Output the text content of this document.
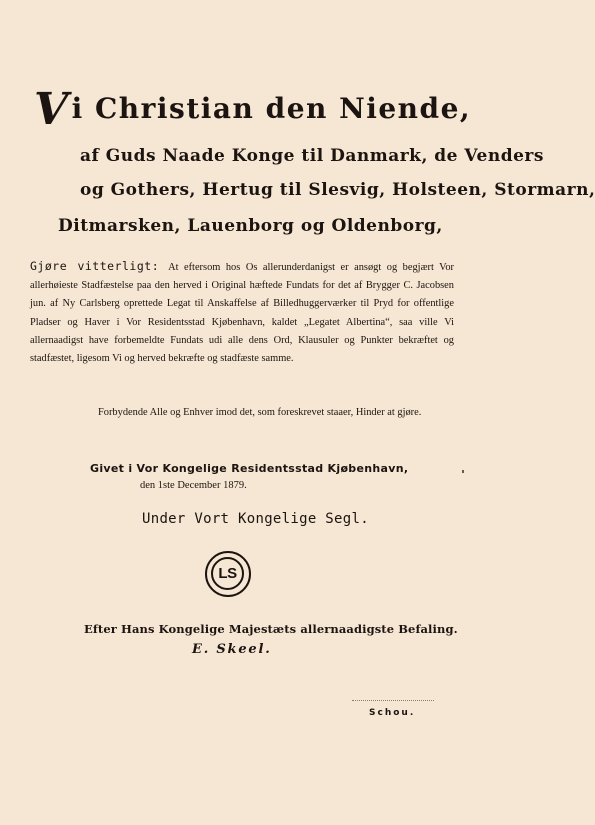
Vi Christian den Niende,
af Guds Naade Konge til Danmark, de Venders
og Gothers, Hertug til Slesvig, Holsteen, Stormarn,
Ditmarsken, Lauenborg og Oldenborg,
Gjøre vitterligt: At eftersom hos Os allerunderdanigst er ansøgt og begjært Vor allerhøieste Stadfæstelse paa den herved i Original hæftede Fundats for det af Brygger C. Jacobsen jun. af Ny Carlsberg oprettede Legat til Anskaffelse af Billedhuggerværker til Pryd for offentlige Pladser og Haver i Vor Residentsstad Kjøbenhavn, kaldet „Legatet Albertina“, saa ville Vi allernaadigst have forbemeldte Fundats udi alle dens Ord, Klausuler og Punkter bekræftet og stadfæstet, ligesom Vi og herved bekræfte og stadfæste samme.
Forbydende Alle og Enhver imod det, som foreskrevet staaer, Hinder at gjøre.
Givet i Vor Kongelige Residentsstad Kjøbenhavn,
den 1ste December 1879.
Under Vort Kongelige Segl.
LS
Efter Hans Kongelige Majestæts allernaadigste Befaling.
E. Skeel.
Schou.
